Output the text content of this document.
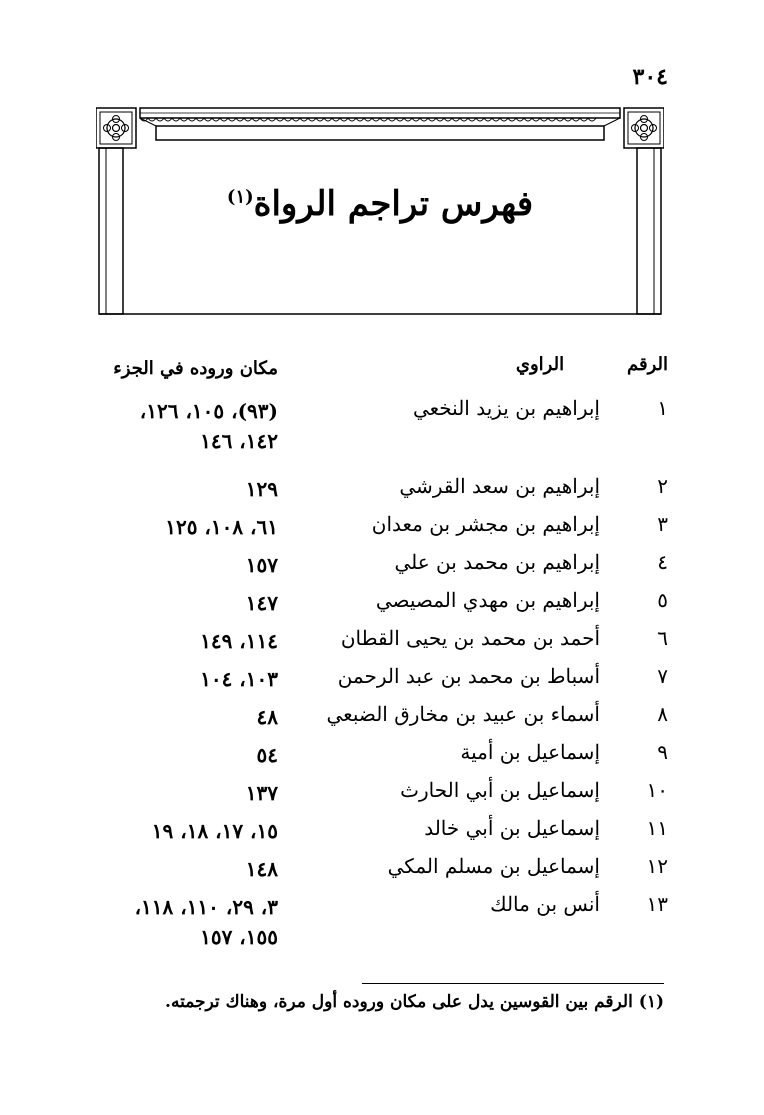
٣٠٤
فهرس تراجم الرواة$^{(١)}$
الرقم
الراوي
مكان وروده في الجزء
١
إبراهيم بن يزيد النخعي
(٩٣)، ١٠٥، ١٢٦،
١٤٢، ١٤٦
٢
إبراهيم بن سعد القرشي
١٢٩
٣
إبراهيم بن مجشر بن معدان
٦١، ١٠٨، ١٢٥
٤
إبراهيم بن محمد بن علي
١٥٧
٥
إبراهيم بن مهدي المصيصي
١٤٧
٦
أحمد بن محمد بن يحيى القطان
١١٤، ١٤٩
٧
أسباط بن محمد بن عبد الرحمن
١٠٣، ١٠٤
٨
أسماء بن عبيد بن مخارق الضبعي
٤٨
٩
إسماعيل بن أمية
٥٤
١٠
إسماعيل بن أبي الحارث
١٣٧
١١
إسماعيل بن أبي خالد
١٥، ١٧، ١٨، ١٩
١٢
إسماعيل بن مسلم المكي
١٤٨
١٣
أنس بن مالك
٣، ٢٩، ١١٠، ١١٨،
١٥٥، ١٥٧
(١) الرقم بين القوسين يدل على مكان وروده أول مرة، وهناك ترجمته.
